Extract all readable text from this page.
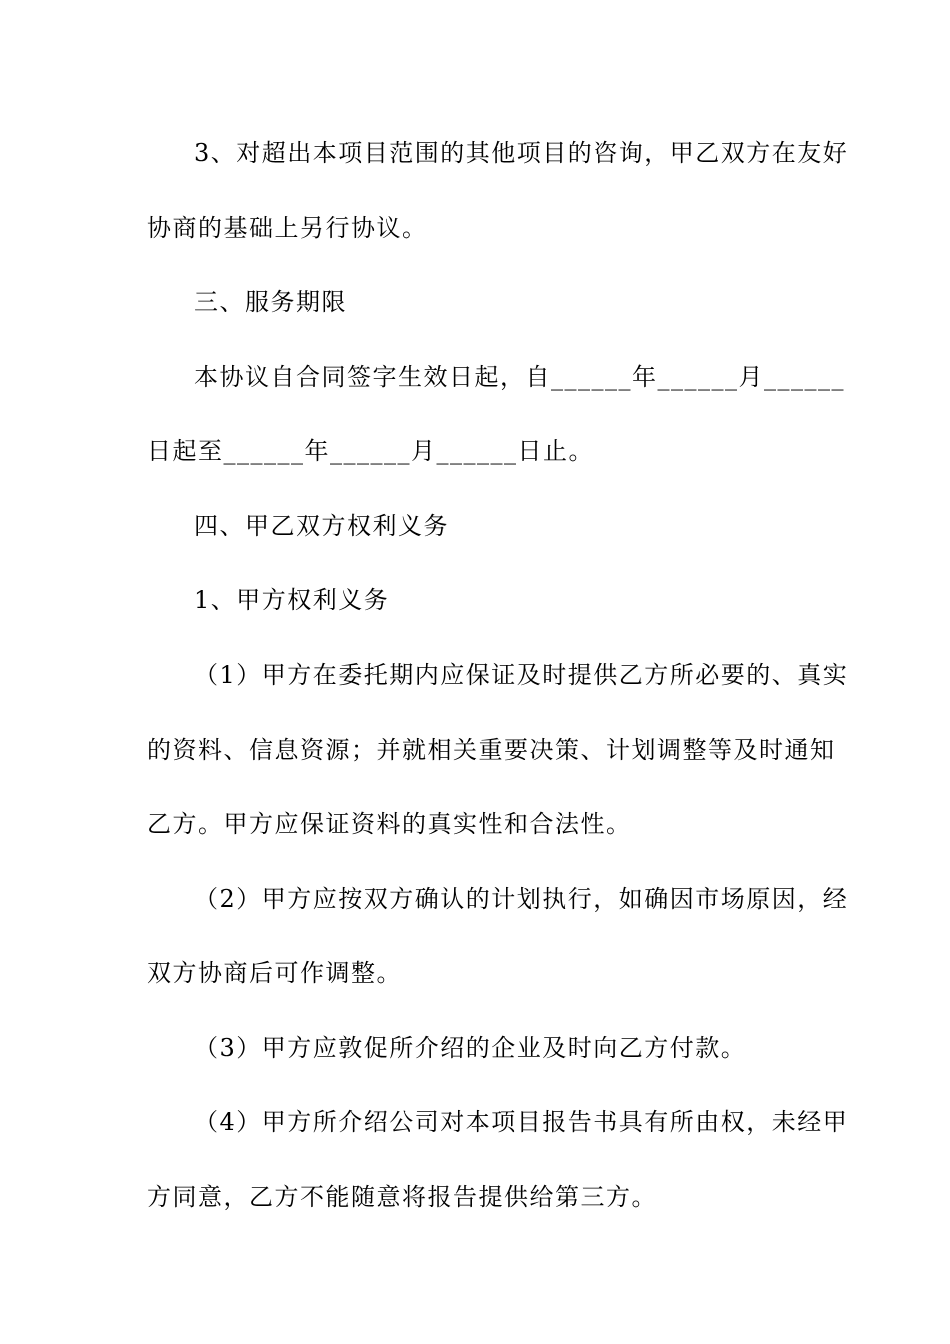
3、对超出本项目范围的其他项目的咨询，甲乙双方在友好
协商的基础上另行协议。
三、服务期限
本协议自合同签字生效日起，自______年______月______
日起至______年______月______日止。
四、甲乙双方权利义务
1、甲方权利义务
（1）甲方在委托期内应保证及时提供乙方所必要的、真实
的资料、信息资源；并就相关重要决策、计划调整等及时通知
乙方。甲方应保证资料的真实性和合法性。
（2）甲方应按双方确认的计划执行，如确因市场原因，经
双方协商后可作调整。
（3）甲方应敦促所介绍的企业及时向乙方付款。
（4）甲方所介绍公司对本项目报告书具有所由权，未经甲
方同意，乙方不能随意将报告提供给第三方。
